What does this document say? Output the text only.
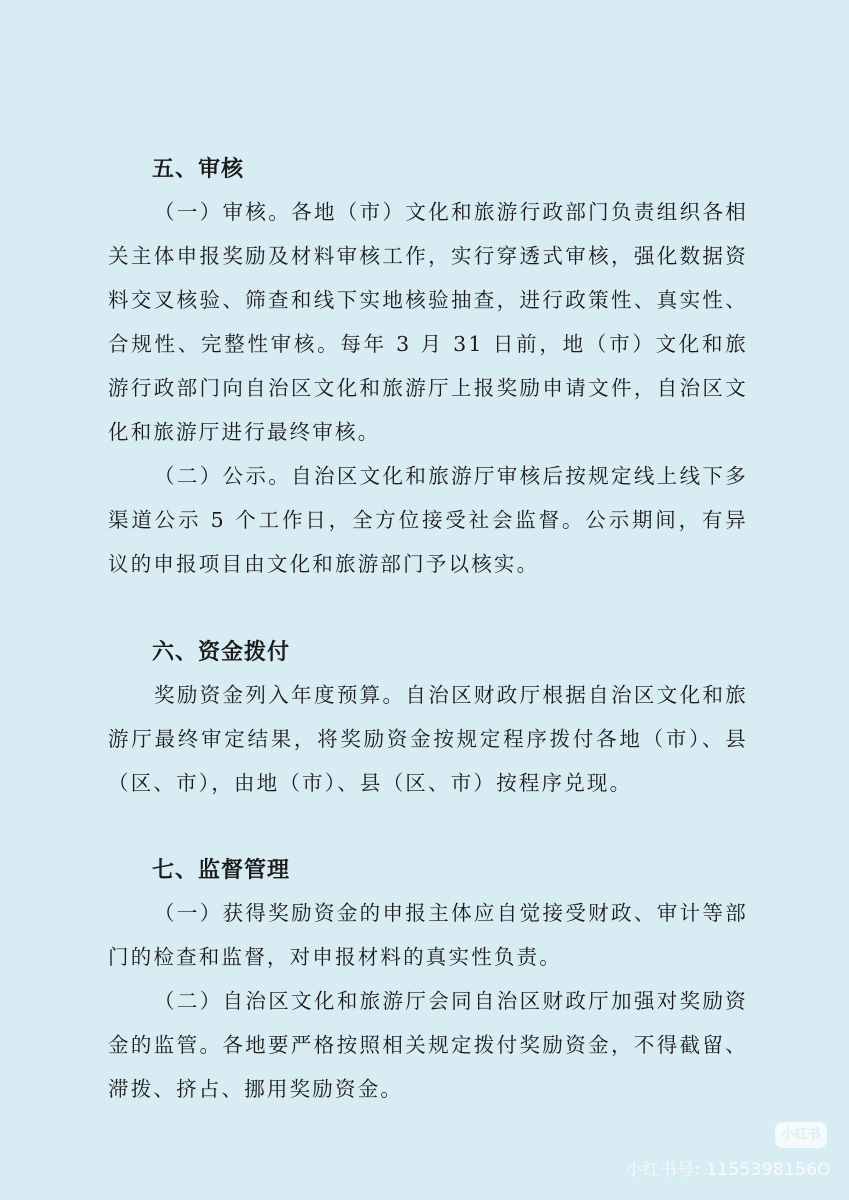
五、审核

（一）审核。各地（市）文化和旅游行政部门负责组织各相关主体申报奖励及材料审核工作，实行穿透式审核，强化数据资料交叉核验、筛查和线下实地核验抽查，进行政策性、真实性、合规性、完整性审核。每年 3 月 31 日前，地（市）文化和旅游行政部门向自治区文化和旅游厅上报奖励申请文件，自治区文化和旅游厅进行最终审核。

（二）公示。自治区文化和旅游厅审核后按规定线上线下多渠道公示 5 个工作日，全方位接受社会监督。公示期间，有异议的申报项目由文化和旅游部门予以核实。

六、资金拨付

奖励资金列入年度预算。自治区财政厅根据自治区文化和旅游厅最终审定结果，将奖励资金按规定程序拨付各地（市）、县（区、市），由地（市）、县（区、市）按程序兑现。

七、监督管理

（一）获得奖励资金的申报主体应自觉接受财政、审计等部门的检查和监督，对申报材料的真实性负责。

（二）自治区文化和旅游厅会同自治区财政厅加强对奖励资金的监管。各地要严格按照相关规定拨付奖励资金，不得截留、滞拨、挤占、挪用奖励资金。

小红书
小红书号: 1155398156O
